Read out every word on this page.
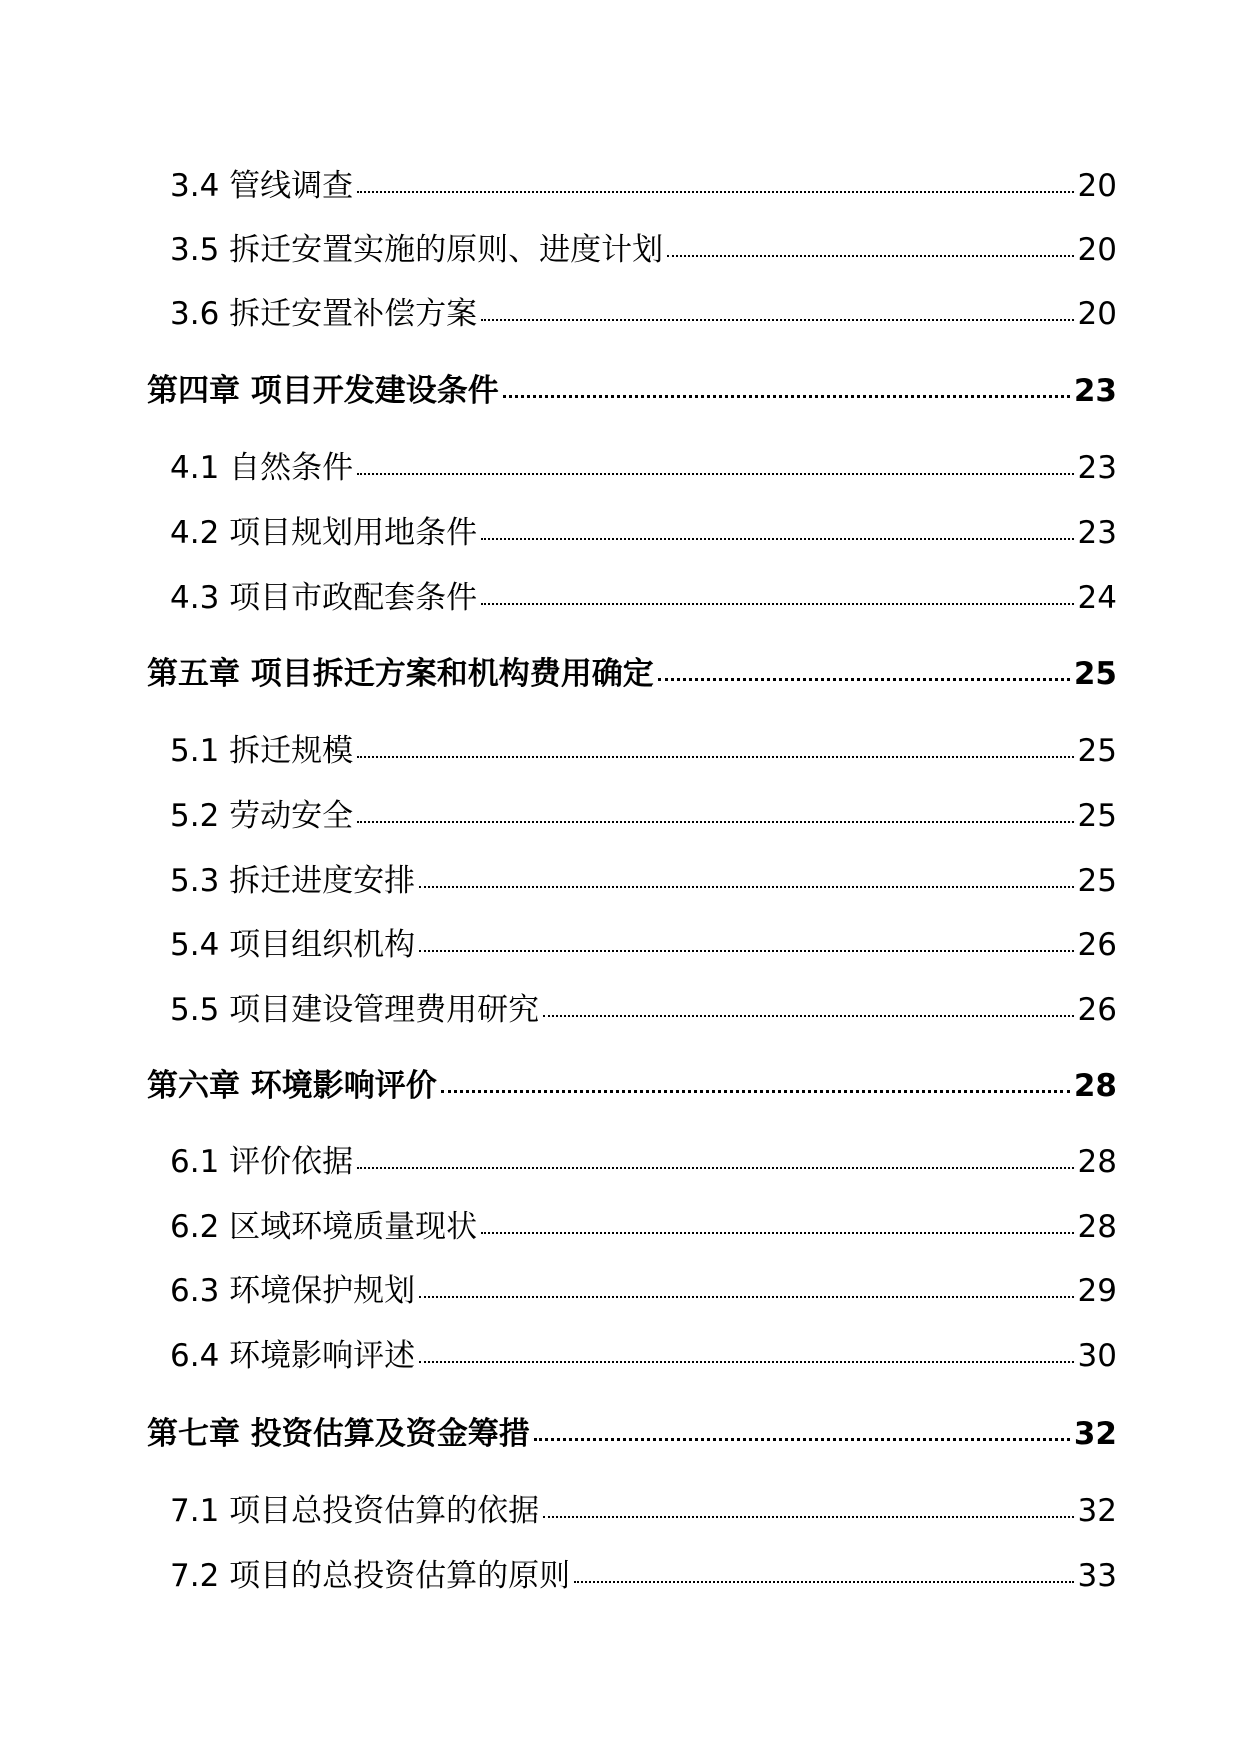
3.4 管线调查	20
3.5 拆迁安置实施的原则、进度计划	20
3.6 拆迁安置补偿方案	20
第四章 项目开发建设条件	23
4.1 自然条件	23
4.2 项目规划用地条件	23
4.3 项目市政配套条件	24
第五章 项目拆迁方案和机构费用确定	25
5.1 拆迁规模	25
5.2 劳动安全	25
5.3 拆迁进度安排	25
5.4 项目组织机构	26
5.5 项目建设管理费用研究	26
第六章 环境影响评价	28
6.1 评价依据	28
6.2 区域环境质量现状	28
6.3 环境保护规划	29
6.4 环境影响评述	30
第七章 投资估算及资金筹措	32
7.1 项目总投资估算的依据	32
7.2 项目的总投资估算的原则	33
